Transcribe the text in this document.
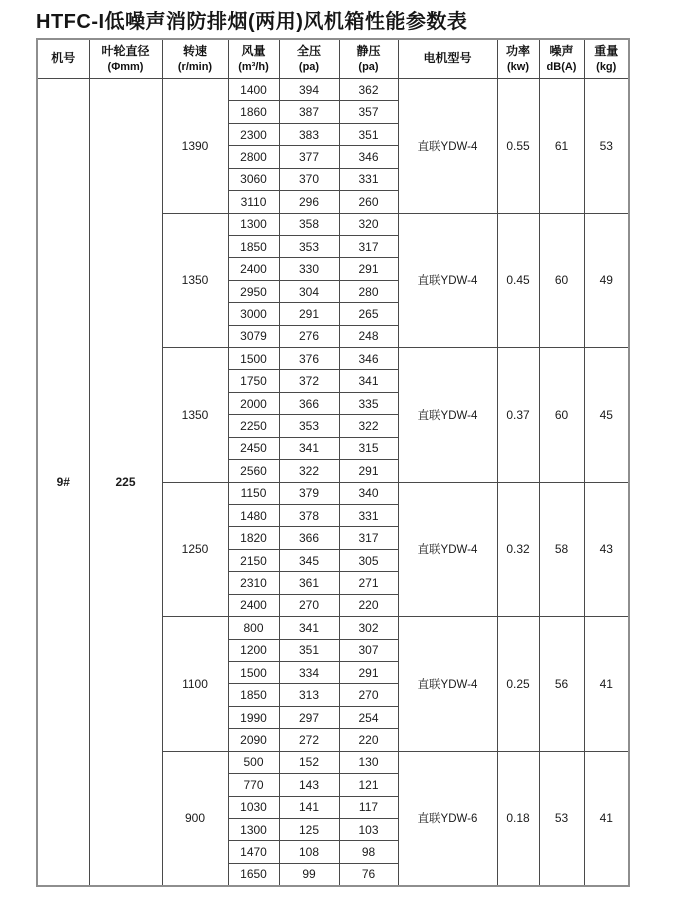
HTFC-I低噪声消防排烟(两用)风机箱性能参数表
机号

叶轮直径
(Φmm)

转速
(r/min)

风量
(m³/h)

全压
(pa)

静压
(pa)

电机型号

功率
(kw)

噪声
dB(A)

重量
(kg)

9#	225	1390	1400	394	362	直联YDW-4	0.55	61	53
			1860	387	357				
			2300	383	351				
			2800	377	346				
			3060	370	331				
			3110	296	260				
		1350	1300	358	320	直联YDW-4	0.45	60	49
			1850	353	317				
			2400	330	291				
			2950	304	280				
			3000	291	265				
			3079	276	248				
		1350	1500	376	346	直联YDW-4	0.37	60	45
			1750	372	341				
			2000	366	335				
			2250	353	322				
			2450	341	315				
			2560	322	291				
		1250	1150	379	340	直联YDW-4	0.32	58	43
			1480	378	331				
			1820	366	317				
			2150	345	305				
			2310	361	271				
			2400	270	220				
		1100	800	341	302	直联YDW-4	0.25	56	41
			1200	351	307				
			1500	334	291				
			1850	313	270				
			1990	297	254				
			2090	272	220				
		900	500	152	130	直联YDW-6	0.18	53	41
			770	143	121				
			1030	141	117				
			1300	125	103				
			1470	108	98				
			1650	99	76				
